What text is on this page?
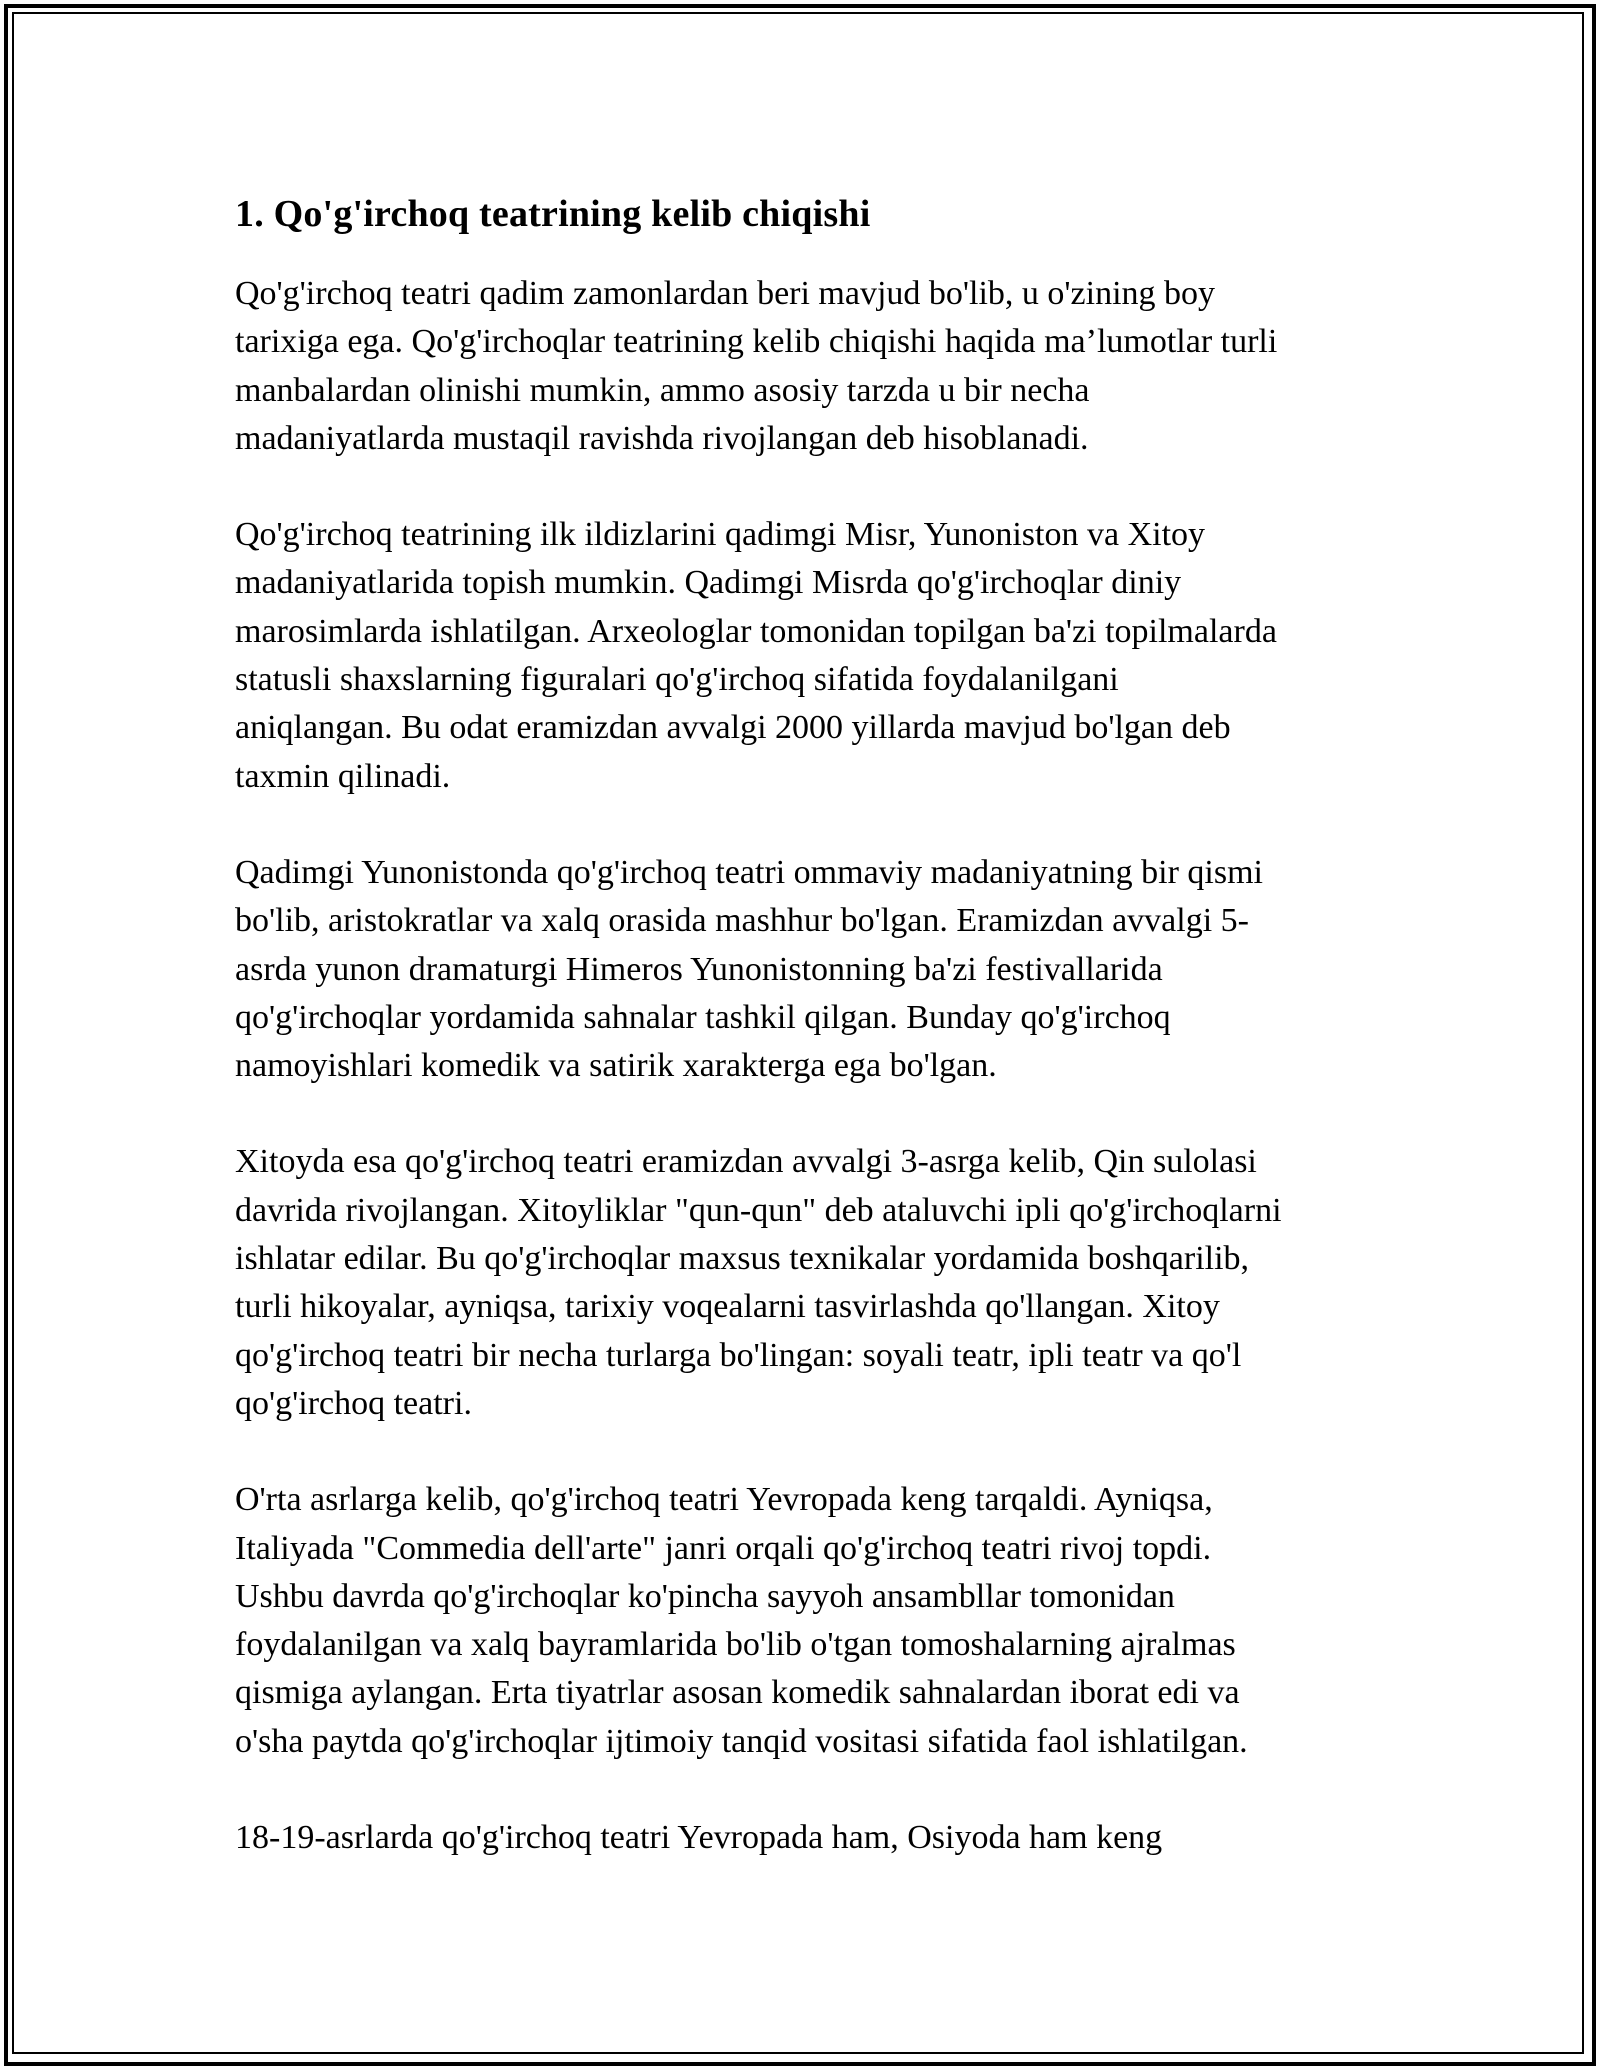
1. Qo'g'irchoq teatrining kelib chiqishi

Qo'g'irchoq teatri qadim zamonlardan beri mavjud bo'lib, u o'zining boy
tarixiga ega. Qo'g'irchoqlar teatrining kelib chiqishi haqida ma’lumotlar turli
manbalardan olinishi mumkin, ammo asosiy tarzda u bir necha
madaniyatlarda mustaqil ravishda rivojlangan deb hisoblanadi.

Qo'g'irchoq teatrining ilk ildizlarini qadimgi Misr, Yunoniston va Xitoy
madaniyatlarida topish mumkin. Qadimgi Misrda qo'g'irchoqlar diniy
marosimlarda ishlatilgan. Arxeologlar tomonidan topilgan ba'zi topilmalarda
statusli shaxslarning figuralari qo'g'irchoq sifatida foydalanilgani
aniqlangan. Bu odat eramizdan avvalgi 2000 yillarda mavjud bo'lgan deb
taxmin qilinadi.

Qadimgi Yunonistonda qo'g'irchoq teatri ommaviy madaniyatning bir qismi
bo'lib, aristokratlar va xalq orasida mashhur bo'lgan. Eramizdan avvalgi 5-
asrda yunon dramaturgi Himeros Yunonistonning ba'zi festivallarida
qo'g'irchoqlar yordamida sahnalar tashkil qilgan. Bunday qo'g'irchoq
namoyishlari komedik va satirik xarakterga ega bo'lgan.

Xitoyda esa qo'g'irchoq teatri eramizdan avvalgi 3-asrga kelib, Qin sulolasi
davrida rivojlangan. Xitoyliklar "qun-qun" deb ataluvchi ipli qo'g'irchoqlarni
ishlatar edilar. Bu qo'g'irchoqlar maxsus texnikalar yordamida boshqarilib,
turli hikoyalar, ayniqsa, tarixiy voqealarni tasvirlashda qo'llangan. Xitoy
qo'g'irchoq teatri bir necha turlarga bo'lingan: soyali teatr, ipli teatr va qo'l
qo'g'irchoq teatri.

O'rta asrlarga kelib, qo'g'irchoq teatri Yevropada keng tarqaldi. Ayniqsa,
Italiyada "Commedia dell'arte" janri orqali qo'g'irchoq teatri rivoj topdi.
Ushbu davrda qo'g'irchoqlar ko'pincha sayyoh ansambllar tomonidan
foydalanilgan va xalq bayramlarida bo'lib o'tgan tomoshalarning ajralmas
qismiga aylangan. Erta tiyatrlar asosan komedik sahnalardan iborat edi va
o'sha paytda qo'g'irchoqlar ijtimoiy tanqid vositasi sifatida faol ishlatilgan.

18-19-asrlarda qo'g'irchoq teatri Yevropada ham, Osiyoda ham keng
